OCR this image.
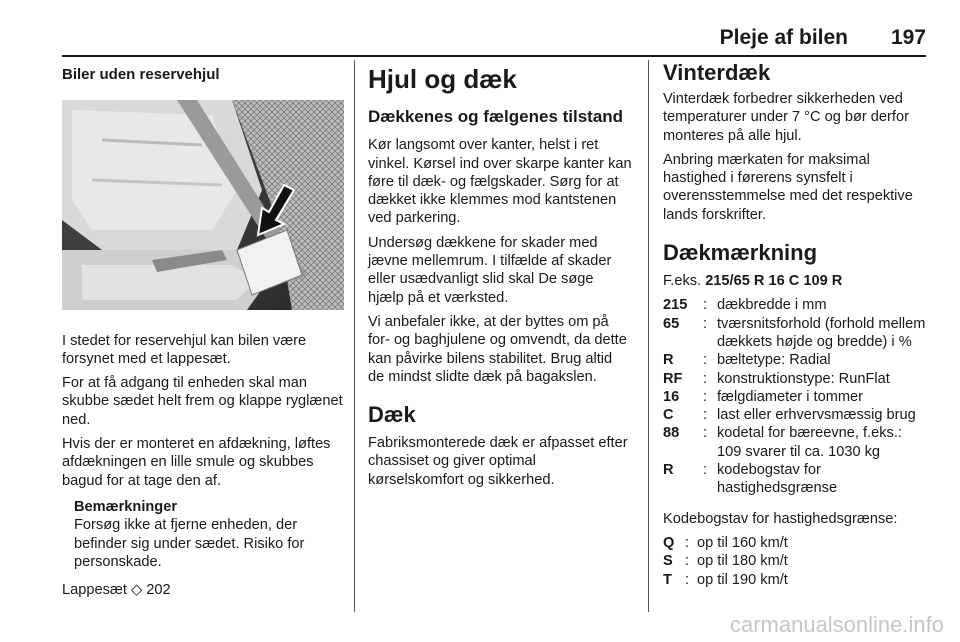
Pleje af bilen 197
Biler uden reservehjul

I stedet for reservehjul kan bilen være forsynet med et lappesæt.

For at få adgang til enheden skal man skubbe sædet helt frem og klappe ryglænet ned.

Hvis der er monteret en afdækning, løftes afdækningen en lille smule og skubbes bagud for at tage den af.

Bemærkninger
Forsøg ikke at fjerne enheden, der befinder sig under sædet. Risiko for personskade.
Lappesæt ◇ 202
Hjul og dæk
Dækkenes og fælgenes tilstand

Kør langsomt over kanter, helst i ret vinkel. Kørsel ind over skarpe kanter kan føre til dæk- og fælgskader. Sørg for at dækket ikke klemmes mod kantstenen ved parkering.

Undersøg dækkene for skader med jævne mellemrum. I tilfælde af skader eller usædvanligt slid skal De søge hjælp på et værksted.

Vi anbefaler ikke, at der byttes om på for- og baghjulene og omvendt, da dette kan påvirke bilens stabilitet. Brug altid de mindst slidte dæk på bagakslen.

Dæk

Fabriksmonterede dæk er afpasset efter chassiset og giver optimal kørselskomfort og sikkerhed.

Vinterdæk

Vinterdæk forbedrer sikkerheden ved temperaturer under 7 °C og bør derfor monteres på alle hjul.

Anbring mærkaten for maksimal hastighed i førerens synsfelt i overensstemmelse med det respektive lands forskrifter.

Dækmærkning

F.eks. 215/65 R 16 C 109 R

215	: dækbredde i mm
65	: tværsnitsforhold (forhold mellem dækkets højde og bredde) i %
R	: bæltetype: Radial
RF	: konstruktionstype: RunFlat
16	: fælgdiameter i tommer
C	: last eller erhvervsmæssig brug
88	: kodetal for bæreevne, f.eks.: 109 svarer til ca. 1030 kg
R	: kodebogstav for hastighedsgrænse

Kodebogstav for hastighedsgrænse:

Q : op til 160 km/t
S : op til 180 km/t
T : op til 190 km/t
carmanualsonline.info
